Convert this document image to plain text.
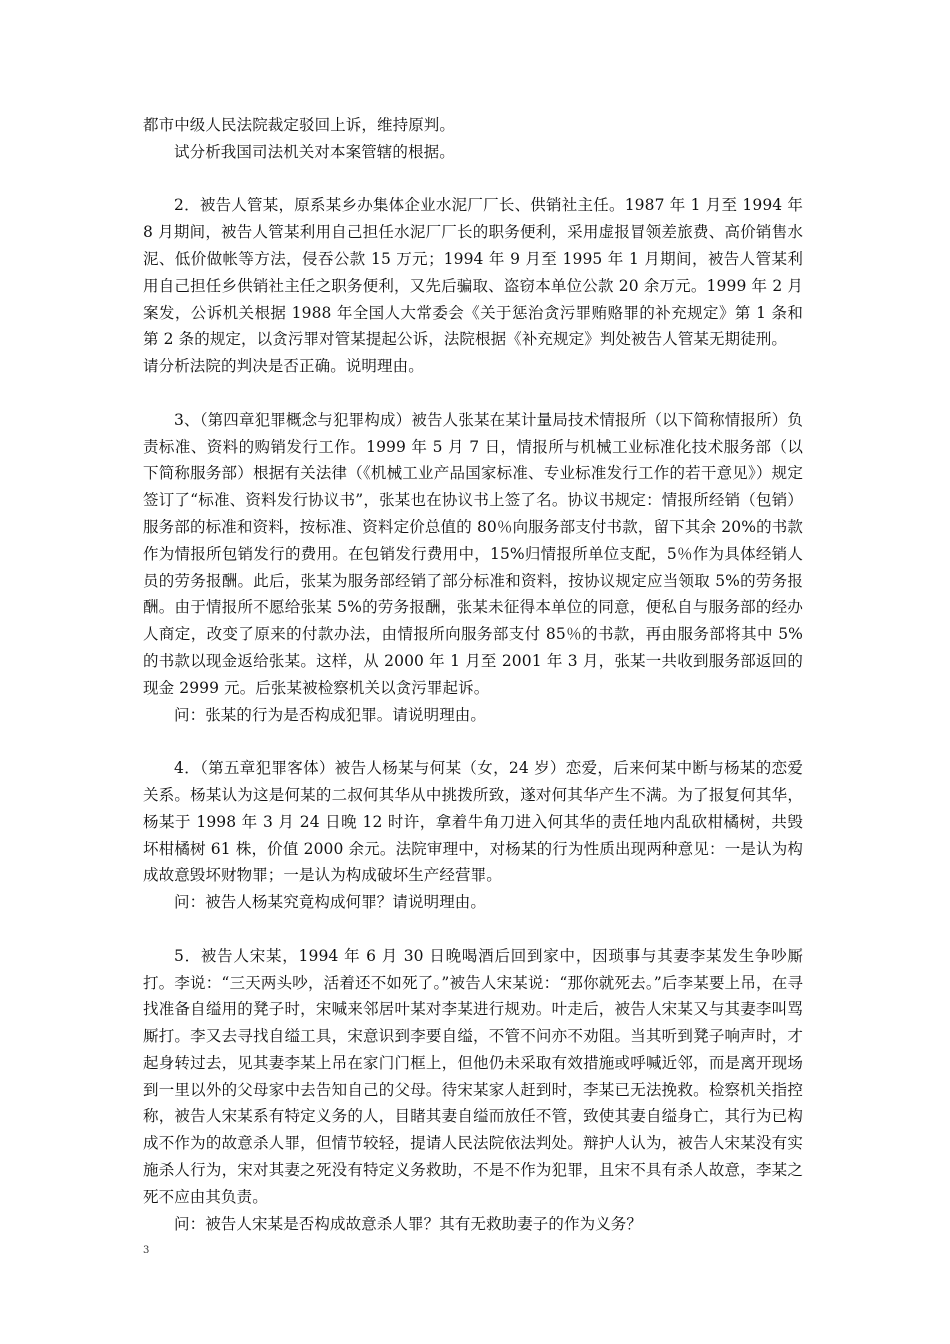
都市中级人民法院裁定驳回上诉，维持原判。

试分析我国司法机关对本案管辖的根据。

2．被告人管某，原系某乡办集体企业水泥厂厂长、供销社主任。1987 年 1 月至 1994 年 8 月期间，被告人管某利用自己担任水泥厂厂长的职务便利，采用虚报冒领差旅费、高价销售水泥、低价做帐等方法，侵吞公款 15 万元；1994 年 9 月至 1995 年 1 月期间，被告人管某利用自己担任乡供销社主任之职务便利，又先后骗取、盗窃本单位公款 20 余万元。1999 年 2 月案发，公诉机关根据 1988 年全国人大常委会《关于惩治贪污罪贿赂罪的补充规定》第 1 条和第 2 条的规定，以贪污罪对管某提起公诉，法院根据《补充规定》判处被告人管某无期徒刑。

请分析法院的判决是否正确。说明理由。

3、（第四章犯罪概念与犯罪构成）被告人张某在某计量局技术情报所（以下简称情报所）负责标准、资料的购销发行工作。1999 年 5 月 7 日，情报所与机械工业标准化技术服务部（以下简称服务部）根据有关法律（《机械工业产品国家标准、专业标准发行工作的若干意见》）规定签订了“标准、资料发行协议书”，张某也在协议书上签了名。协议书规定：情报所经销（包销）服务部的标准和资料，按标准、资料定价总值的 80％向服务部支付书款，留下其余 20%的书款作为情报所包销发行的费用。在包销发行费用中，15%归情报所单位支配，5％作为具体经销人员的劳务报酬。此后，张某为服务部经销了部分标准和资料，按协议规定应当领取 5%的劳务报酬。由于情报所不愿给张某 5%的劳务报酬，张某未征得本单位的同意，便私自与服务部的经办人商定，改变了原来的付款办法，由情报所向服务部支付 85％的书款，再由服务部将其中 5%的书款以现金返给张某。这样，从 2000 年 1 月至 2001 年 3 月，张某一共收到服务部返回的现金 2999 元。后张某被检察机关以贪污罪起诉。

问：张某的行为是否构成犯罪。请说明理由。

4．（第五章犯罪客体）被告人杨某与何某（女，24 岁）恋爱，后来何某中断与杨某的恋爱关系。杨某认为这是何某的二叔何其华从中挑拨所致，遂对何其华产生不满。为了报复何其华，杨某于 1998 年 3 月 24 日晚 12 时许，拿着牛角刀进入何其华的责任地内乱砍柑橘树，共毁坏柑橘树 61 株，价值 2000 余元。法院审理中，对杨某的行为性质出现两种意见：一是认为构成故意毁坏财物罪；一是认为构成破坏生产经营罪。

问：被告人杨某究竟构成何罪？请说明理由。

5．被告人宋某，1994 年 6 月 30 日晚喝酒后回到家中，因琐事与其妻李某发生争吵厮打。李说：“三天两头吵，活着还不如死了。”被告人宋某说：“那你就死去。”后李某要上吊，在寻找准备自缢用的凳子时，宋喊来邻居叶某对李某进行规劝。叶走后，被告人宋某又与其妻李叫骂厮打。李又去寻找自缢工具，宋意识到李要自缢，不管不问亦不劝阻。当其听到凳子响声时，才起身转过去，见其妻李某上吊在家门门框上，但他仍未采取有效措施或呼喊近邻，而是离开现场到一里以外的父母家中去告知自己的父母。待宋某家人赶到时，李某已无法挽救。检察机关指控称，被告人宋某系有特定义务的人，目睹其妻自缢而放任不管，致使其妻自缢身亡，其行为已构成不作为的故意杀人罪，但情节较轻，提请人民法院依法判处。辩护人认为，被告人宋某没有实施杀人行为，宋对其妻之死没有特定义务救助，不是不作为犯罪，且宋不具有杀人故意，李某之死不应由其负责。

问：被告人宋某是否构成故意杀人罪？其有无救助妻子的作为义务？

3
